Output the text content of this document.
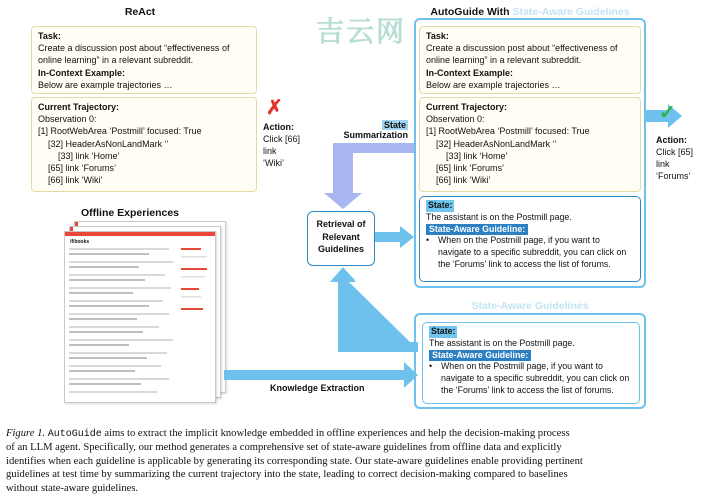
吉云网
ReAct
Task:
Create a discussion post about “effectiveness of
online learning” in a relevant subreddit.
In-Context Example:
Below are example trajectories …
Current Trajectory:
Observation 0:
[1] RootWebArea ‘Postmill’ focused: True
[32] HeaderAsNonLandMark ‘’
[33] link ‘Home’
[65] link ‘Forums’
[66] link ‘Wiki’
✗
Action:
Click [66]
link
‘Wiki’
Offline Experiences
/f/books
State
Summarization
Retrieval of
Relevant
Guidelines
Knowledge Extraction
AutoGuide With State-Aware Guidelines
Task:
Create a discussion post about “effectiveness of
online learning” in a relevant subreddit.
In-Context Example:
Below are example trajectories …
Current Trajectory:
Observation 0:
[1] RootWebArea ‘Postmill’ focused: True
[32] HeaderAsNonLandMark ‘’
[33] link ‘Home’
[65] link ‘Forums’
[66] link ‘Wiki’
State:
The assistant is on the Postmill page.
State-Aware Guideline:
•	When on the Postmill page, if you want to
navigate to a specific subreddit, you can click on
the ‘Forums’ link to access the list of forums.
✓
Action:
Click [65]
link
‘Forums’
State-Aware Guidelines
State:
The assistant is on the Postmill page.
State-Aware Guideline:
•	When on the Postmill page, if you want to
navigate to a specific subreddit, you can click on
the ‘Forums’ link to access the list of forums.
Figure 1. AutoGuide aims to extract the implicit knowledge embedded in offline experiences and help the decision-making process
of an LLM agent. Specifically, our method generates a comprehensive set of state-aware guidelines from offline data and explicitly
identifies when each guideline is applicable by generating its corresponding state. Our state-aware guidelines enable providing pertinent
guidelines at test time by summarizing the current trajectory into the state, leading to correct decision-making compared to baselines
without state-aware guidelines.
